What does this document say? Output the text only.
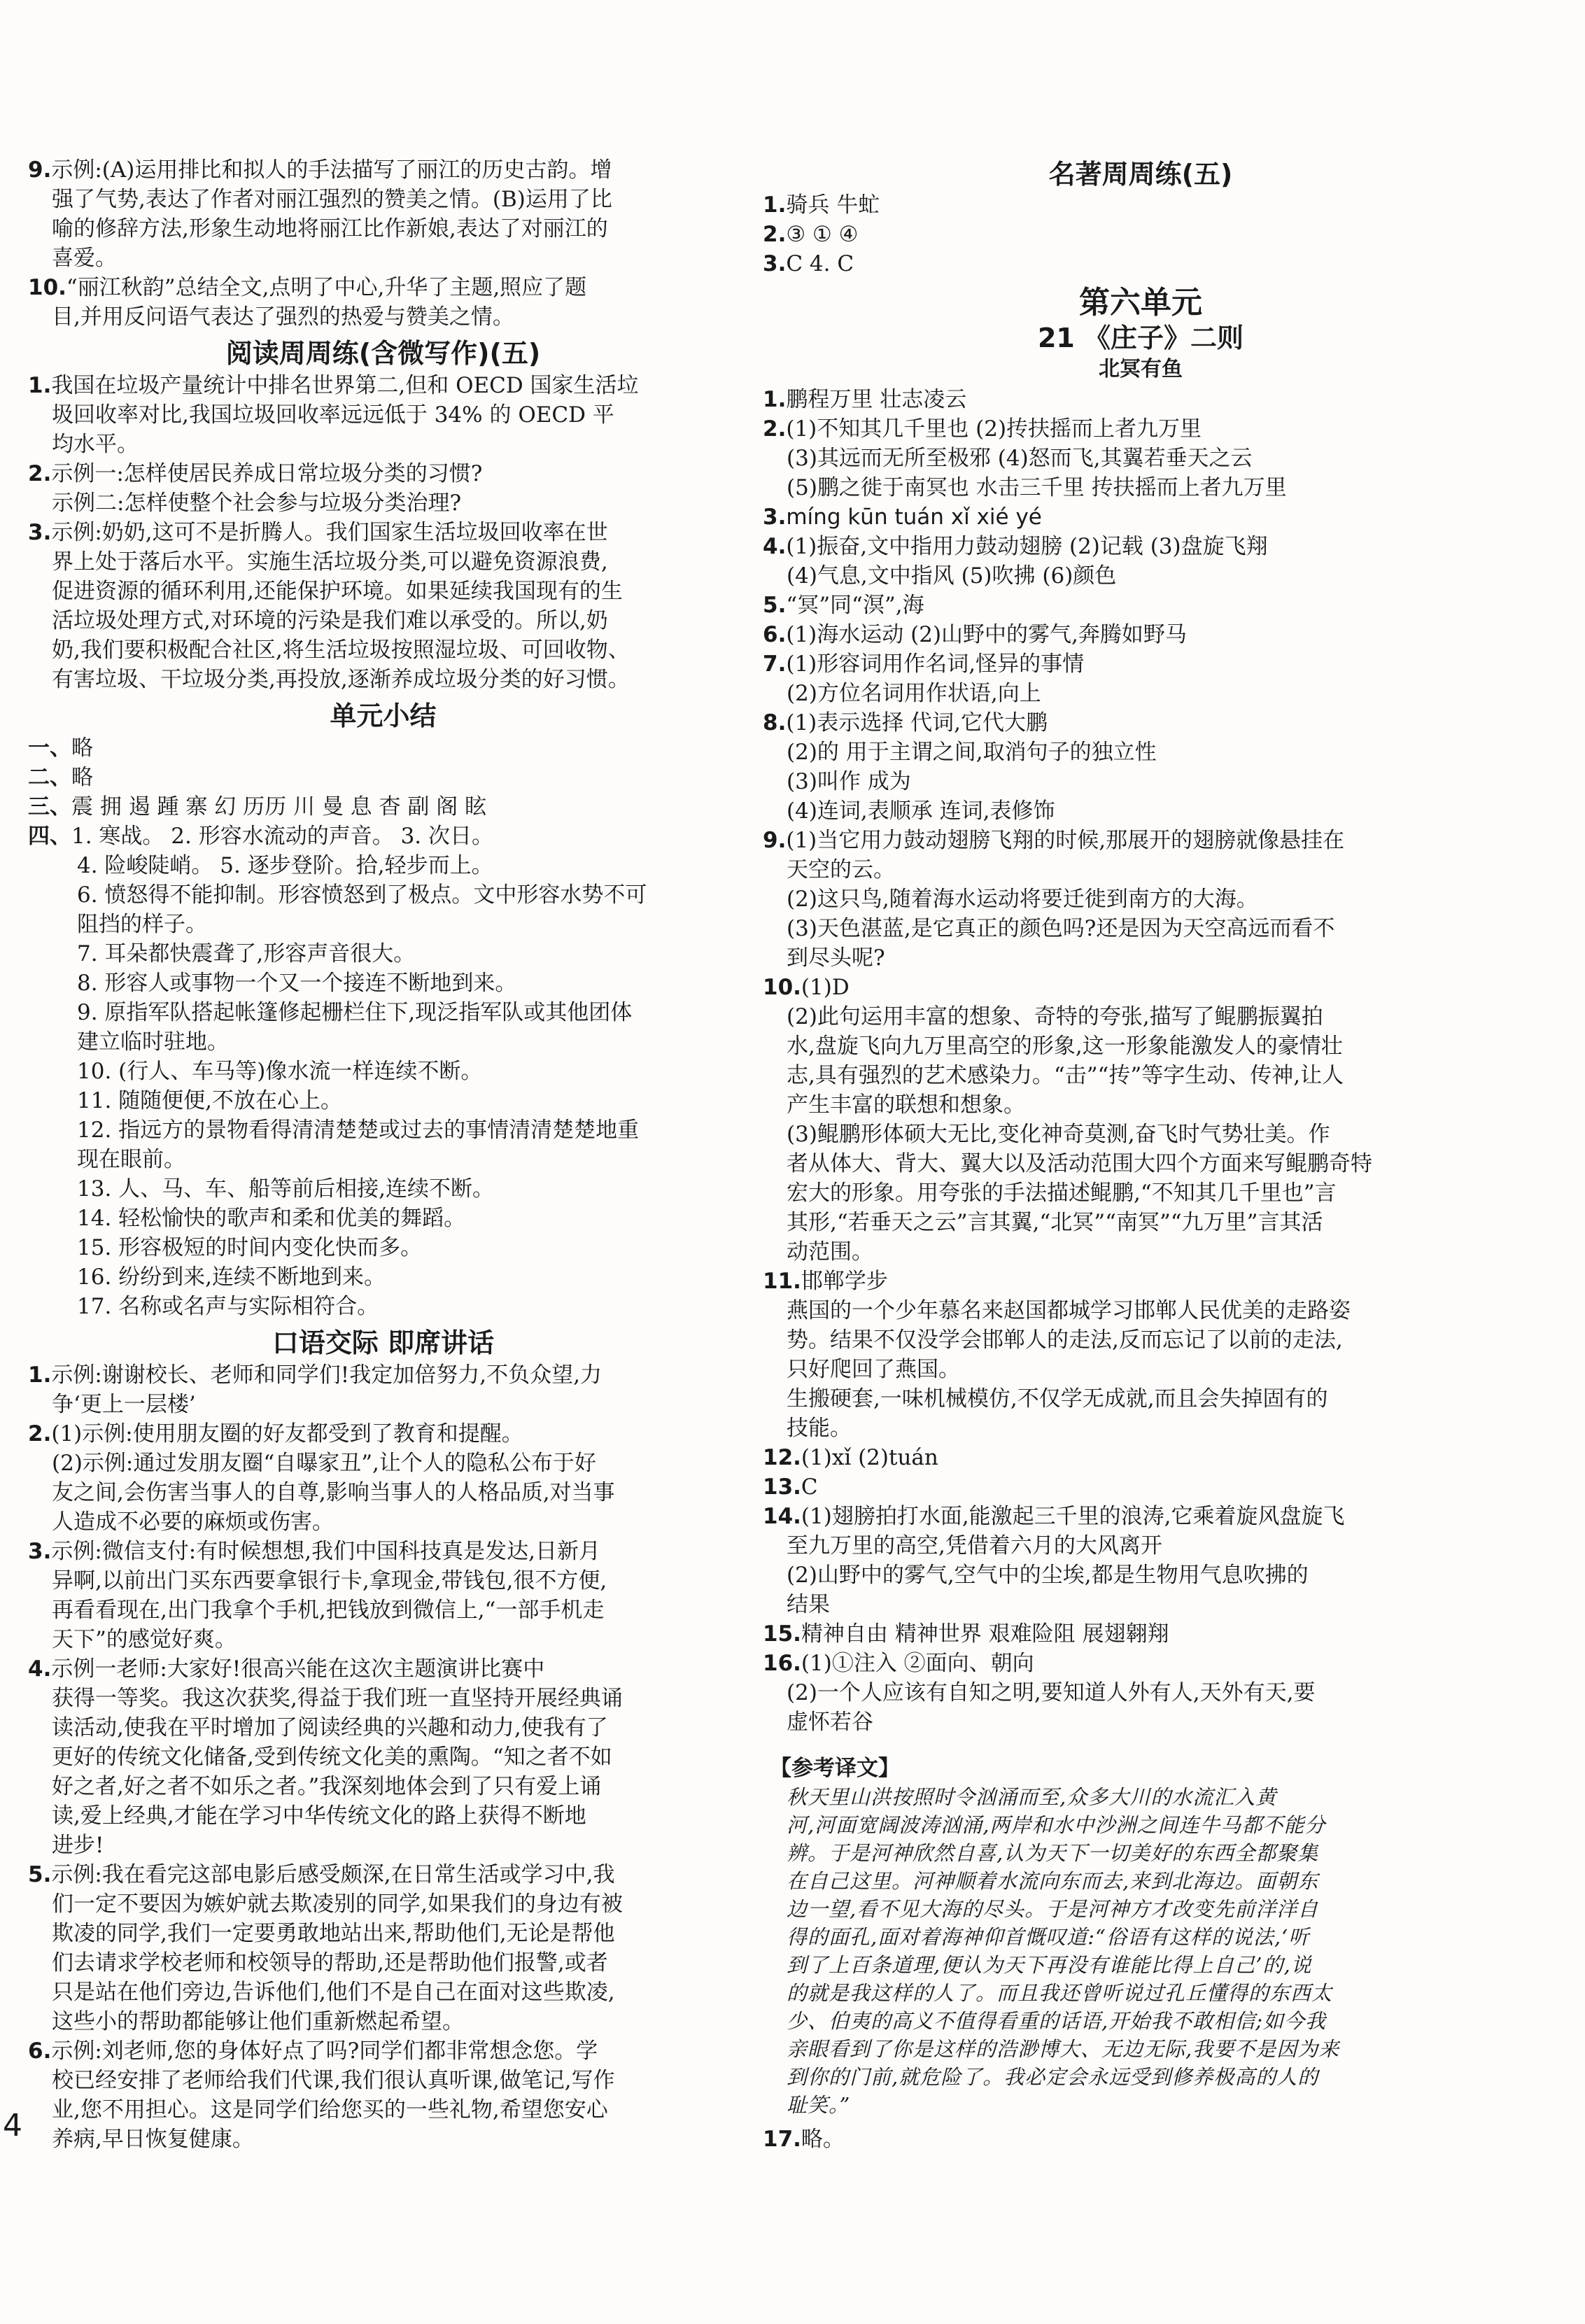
9.示例:(A)运用排比和拟人的手法描写了丽江的历史古韵。增
强了气势,表达了作者对丽江强烈的赞美之情。(B)运用了比
喻的修辞方法,形象生动地将丽江比作新娘,表达了对丽江的
喜爱。
10.“丽江秋韵”总结全文,点明了中心,升华了主题,照应了题
目,并用反问语气表达了强烈的热爱与赞美之情。
阅读周周练(含微写作)(五)
1.我国在垃圾产量统计中排名世界第二,但和 OECD 国家生活垃
圾回收率对比,我国垃圾回收率远远低于 34% 的 OECD 平
均水平。
2.示例一:怎样使居民养成日常垃圾分类的习惯?
示例二:怎样使整个社会参与垃圾分类治理?
3.示例:奶奶,这可不是折腾人。我们国家生活垃圾回收率在世
界上处于落后水平。实施生活垃圾分类,可以避免资源浪费,
促进资源的循环利用,还能保护环境。如果延续我国现有的生
活垃圾处理方式,对环境的污染是我们难以承受的。所以,奶
奶,我们要积极配合社区,将生活垃圾按照湿垃圾、可回收物、
有害垃圾、干垃圾分类,再投放,逐渐养成垃圾分类的好习惯。
单元小结
一、略
二、略
三、震 拥 遏 踵 寨 幻 历历 川 曼 息 杳 副 阁 眩
四、1. 寒战。 2. 形容水流动的声音。 3. 次日。
4. 险峻陡峭。 5. 逐步登阶。拾,轻步而上。
6. 愤怒得不能抑制。形容愤怒到了极点。文中形容水势不可
阻挡的样子。
7. 耳朵都快震聋了,形容声音很大。
8. 形容人或事物一个又一个接连不断地到来。
9. 原指军队搭起帐篷修起栅栏住下,现泛指军队或其他团体
建立临时驻地。
10. (行人、车马等)像水流一样连续不断。
11. 随随便便,不放在心上。
12. 指远方的景物看得清清楚楚或过去的事情清清楚楚地重
现在眼前。
13. 人、马、车、船等前后相接,连续不断。
14. 轻松愉快的歌声和柔和优美的舞蹈。
15. 形容极短的时间内变化快而多。
16. 纷纷到来,连续不断地到来。
17. 名称或名声与实际相符合。
口语交际 即席讲话
1.示例:谢谢校长、老师和同学们!我定加倍努力,不负众望,力
争‘更上一层楼’
2.(1)示例:使用朋友圈的好友都受到了教育和提醒。
(2)示例:通过发朋友圈“自曝家丑”,让个人的隐私公布于好
友之间,会伤害当事人的自尊,影响当事人的人格品质,对当事
人造成不必要的麻烦或伤害。
3.示例:微信支付:有时候想想,我们中国科技真是发达,日新月
异啊,以前出门买东西要拿银行卡,拿现金,带钱包,很不方便,
再看看现在,出门我拿个手机,把钱放到微信上,“一部手机走
天下”的感觉好爽。
4.示例一老师:大家好!很高兴能在这次主题演讲比赛中
获得一等奖。我这次获奖,得益于我们班一直坚持开展经典诵
读活动,使我在平时增加了阅读经典的兴趣和动力,使我有了
更好的传统文化储备,受到传统文化美的熏陶。“知之者不如
好之者,好之者不如乐之者。”我深刻地体会到了只有爱上诵
读,爱上经典,才能在学习中华传统文化的路上获得不断地
进步!
5.示例:我在看完这部电影后感受颇深,在日常生活或学习中,我
们一定不要因为嫉妒就去欺凌别的同学,如果我们的身边有被
欺凌的同学,我们一定要勇敢地站出来,帮助他们,无论是帮他
们去请求学校老师和校领导的帮助,还是帮助他们报警,或者
只是站在他们旁边,告诉他们,他们不是自己在面对这些欺凌,
这些小的帮助都能够让他们重新燃起希望。
6.示例:刘老师,您的身体好点了吗?同学们都非常想念您。学
校已经安排了老师给我们代课,我们很认真听课,做笔记,写作
业,您不用担心。这是同学们给您买的一些礼物,希望您安心
养病,早日恢复健康。
名著周周练(五)
1.骑兵 牛虻
2.③ ① ④
3.C 4. C
第六单元
21 《庄子》二则
北冥有鱼
1.鹏程万里 壮志凌云
2.(1)不知其几千里也 (2)抟扶摇而上者九万里
(3)其远而无所至极邪 (4)怒而飞,其翼若垂天之云
(5)鹏之徙于南冥也 水击三千里 抟扶摇而上者九万里
3.míng kūn tuán xǐ xié yé
4.(1)振奋,文中指用力鼓动翅膀 (2)记载 (3)盘旋飞翔
(4)气息,文中指风 (5)吹拂 (6)颜色
5.“冥”同“溟”,海
6.(1)海水运动 (2)山野中的雾气,奔腾如野马
7.(1)形容词用作名词,怪异的事情
(2)方位名词用作状语,向上
8.(1)表示选择 代词,它代大鹏
(2)的 用于主谓之间,取消句子的独立性
(3)叫作 成为
(4)连词,表顺承 连词,表修饰
9.(1)当它用力鼓动翅膀飞翔的时候,那展开的翅膀就像悬挂在
天空的云。
(2)这只鸟,随着海水运动将要迁徙到南方的大海。
(3)天色湛蓝,是它真正的颜色吗?还是因为天空高远而看不
到尽头呢?
10.(1)D
(2)此句运用丰富的想象、奇特的夸张,描写了鲲鹏振翼拍
水,盘旋飞向九万里高空的形象,这一形象能激发人的豪情壮
志,具有强烈的艺术感染力。“击”“抟”等字生动、传神,让人
产生丰富的联想和想象。
(3)鲲鹏形体硕大无比,变化神奇莫测,奋飞时气势壮美。作
者从体大、背大、翼大以及活动范围大四个方面来写鲲鹏奇特
宏大的形象。用夸张的手法描述鲲鹏,“不知其几千里也”言
其形,“若垂天之云”言其翼,“北冥”“南冥”“九万里”言其活
动范围。
11.邯郸学步
燕国的一个少年慕名来赵国都城学习邯郸人民优美的走路姿
势。结果不仅没学会邯郸人的走法,反而忘记了以前的走法,
只好爬回了燕国。
生搬硬套,一味机械模仿,不仅学无成就,而且会失掉固有的
技能。
12.(1)xǐ (2)tuán
13.C
14.(1)翅膀拍打水面,能激起三千里的浪涛,它乘着旋风盘旋飞
至九万里的高空,凭借着六月的大风离开
(2)山野中的雾气,空气中的尘埃,都是生物用气息吹拂的
结果
15.精神自由 精神世界 艰难险阻 展翅翱翔
16.(1)①注入 ②面向、朝向
(2)一个人应该有自知之明,要知道人外有人,天外有天,要
虚怀若谷
【参考译文】
秋天里山洪按照时令汹涌而至,众多大川的水流汇入黄
河,河面宽阔波涛汹涌,两岸和水中沙洲之间连牛马都不能分
辨。于是河神欣然自喜,认为天下一切美好的东西全都聚集
在自己这里。河神顺着水流向东而去,来到北海边。面朝东
边一望,看不见大海的尽头。于是河神方才改变先前洋洋自
得的面孔,面对着海神仰首慨叹道:“俗语有这样的说法,‘听
到了上百条道理,便认为天下再没有谁能比得上自己’的,说
的就是我这样的人了。而且我还曾听说过孔丘懂得的东西太
少、伯夷的高义不值得看重的话语,开始我不敢相信;如今我
亲眼看到了你是这样的浩渺博大、无边无际,我要不是因为来
到你的门前,就危险了。我必定会永远受到修养极高的人的
耻笑。”
17.略。
4
